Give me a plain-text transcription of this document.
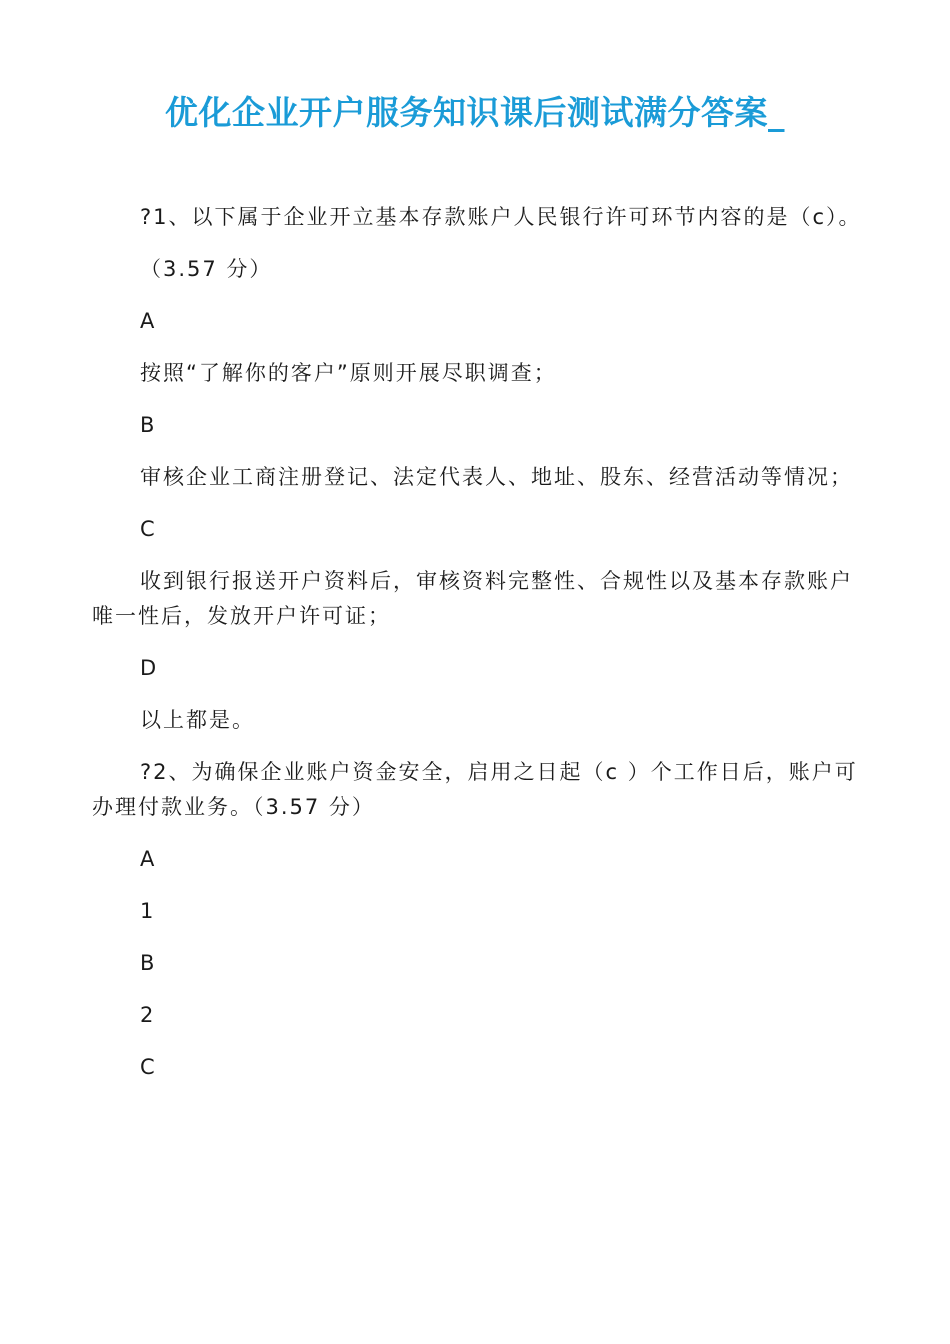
优化企业开户服务知识课后测试满分答案_

?1、以下属于企业开立基本存款账户人民银行许可环节内容的是（c）。

（3.57 分）

A

按照“了解你的客户”原则开展尽职调查；

B

审核企业工商注册登记、法定代表人、地址、股东、经营活动等情况；

C

收到银行报送开户资料后，审核资料完整性、合规性以及基本存款账户唯一性后，发放开户许可证；

D

以上都是。

?2、为确保企业账户资金安全，启用之日起（c ）个工作日后，账户可办理付款业务。（3.57 分）

A

1

B

2

C
